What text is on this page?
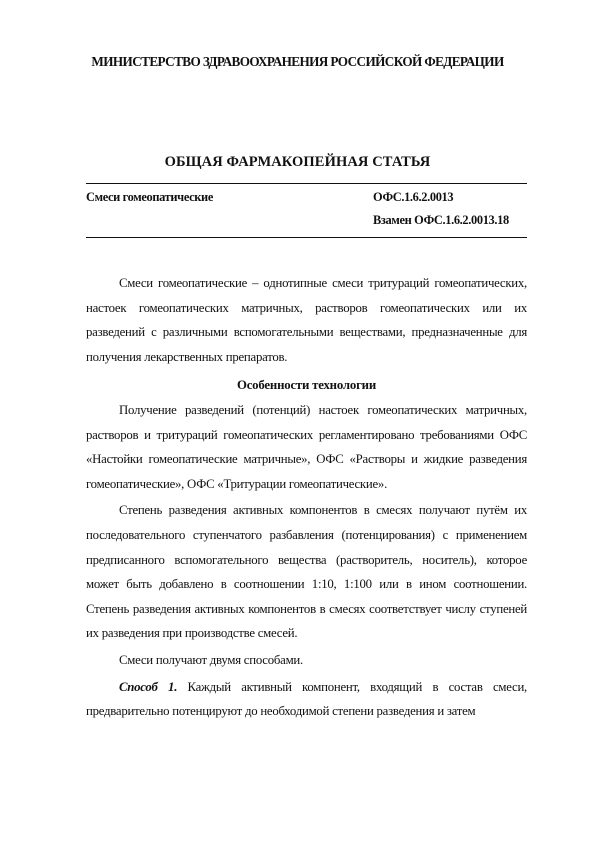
МИНИСТЕРСТВО ЗДРАВООХРАНЕНИЯ РОССИЙСКОЙ ФЕДЕРАЦИИ
ОБЩАЯ ФАРМАКОПЕЙНАЯ СТАТЬЯ
Смеси гомеопатические	ОФС.1.6.2.0013
Взамен ОФС.1.6.2.0013.18

Смеси гомеопатические – однотипные смеси тритураций гомеопатических, настоек гомеопатических матричных, растворов гомеопатических или их разведений с различными вспомогательными веществами, предназначенные для получения лекарственных препаратов.

Особенности технологии

Получение разведений (потенций) настоек гомеопатических матричных, растворов и тритураций гомеопатических регламентировано требованиями ОФС «Настойки гомеопатические матричные», ОФС «Растворы и жидкие разведения гомеопатические», ОФС «Тритурации гомеопатические».

Степень разведения активных компонентов в смесях получают путём их последовательного ступенчатого разбавления (потенцирования) с применением предписанного вспомогательного вещества (растворитель, носитель), которое может быть добавлено в соотношении 1:10, 1:100 или в ином соотношении. Степень разведения активных компонентов в смесях соответствует числу ступеней их разведения при производстве смесей.

Смеси получают двумя способами.

Способ 1. Каждый активный компонент, входящий в состав смеси, предварительно потенцируют до необходимой степени разведения и затем
